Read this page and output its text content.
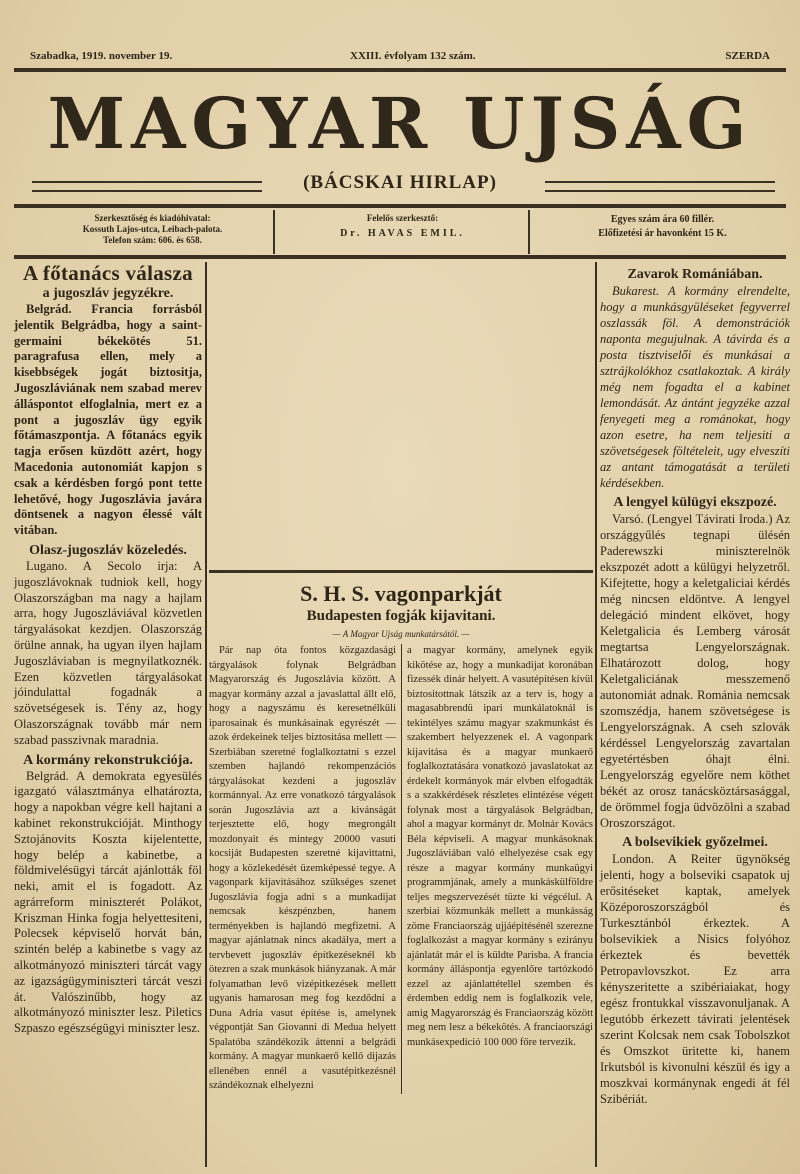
Szabadka, 1919. november 19.	XXIII. évfolyam 132 szám.	SZERDA
MAGYAR UJSÁG
(BÁCSKAI HIRLAP)
Szerkesztőség és kiadóhivatal:
Kossuth Lajos-utca, Leibach-palota.
Telefon szám: 606. és 658.
Felelős szerkesztő:
Dr. HAVAS EMIL.
Egyes szám ára 60 fillér.
Előfizetési ár havonként 15 K.
A főtanács válasza
a jugoszláv jegyzékre.

Belgrád. Francia forrásból jelentik Belgrádba, hogy a saint-germaini békekötés 51. paragrafusa ellen, mely a kisebbségek jogát biztositja, Jugoszláviának nem szabad merev álláspontot elfoglalnia, mert ez a pont a jugoszláv ügy egyik főtámaszpontja. A főtanács egyik tagja erősen küzdött azért, hogy Macedonia autonomiát kapjon s csak a kérdésben forgó pont tette lehetővé, hogy Jugoszlávia javára döntsenek a nagyon élessé vált vitában.

Olasz-jugoszláv közeledés.

Lugano. A Secolo irja: A jugoszlávoknak tudniok kell, hogy Olaszországban ma nagy a hajlam arra, hogy Jugoszláviával közvetlen tárgyalásokat kezdjen. Olaszország örülne annak, ha ugyan ilyen hajlam Jugoszláviaban is megnyilatkoznék. Ezen közvetlen tárgyalásokat jóindulattal fogadnák a szövetségesek is. Tény az, hogy Olaszországnak tovább már nem szabad passzivnak maradnia.

A kormány rekonstrukciója.

Belgrád. A demokrata egyesülés igazgató választmánya elhatározta, hogy a napokban végre kell hajtani a kabinet rekonstrukcióját. Minthogy Sztojánovits Koszta kijelentette, hogy belép a kabinetbe, a földmivelésügyi tárcát ajánlották föl neki, amit el is fogadott. Az agrárreform miniszterét Polákot, Kriszman Hinka fogja helyettesiteni, Polecsek képviselő horvát bán, szintén belép a kabinetbe s vagy az alkotmányozó miniszteri tárcát vagy az igazságügyminiszteri tárcát veszi át. Valószinűbb, hogy az alkotmányozó miniszter lesz. Piletics Szpaszo egészségügyi miniszter lesz.

S. H. S. vagonparkját
Budapesten fogják kijavitani.
— A Magyar Ujság munkatársától. —

Pár nap óta fontos közgazdasági tárgyalások folynak Belgrádban Magyarország és Jugoszlávia között. A magyar kormány azzal a javaslattal állt elő, hogy a nagyszámu és keresetnélküli iparosainak és munkásainak egyrészét — azok érdekeinek teljes biztositása mellett — Szerbiában szeretné foglalkoztatni s ezzel szemben hajlandó rekompenzációs tárgyalásokat kezdeni a jugoszláv kormánnyal. Az erre vonatkozó tárgyalások során Jugoszlávia azt a kivánságát terjesztette elő, hogy megrongált mozdonyait és mintegy 20000 vasuti kocsiját Budapesten szeretné kijavittatni, hogy a közlekedését üzemképessé tegye. A vagonpark kijavitásához szükséges szenet Jugoszlávia fogja adni s a munkadijat nemcsak készpénzben, hanem terményekben is hajlandó megfizetni. A magyar ajánlatnak nincs akadálya, mert a tervbevett jugoszláv építkezéseknél kb ötezren a szak munkások hiányzanak. A már folyamatban levő vizépitkezések mellett ugyanis hamarosan meg fog kezdődni a Duna Adria vasut építése is, amelynek végpontját San Giovanni di Medua helyett Spalatóba szándékozik áttenni a belgrádi kormány. A magyar munkaerő kellő dijazás ellenében ennél a vasutépitkezésnél szándékoznak elhelyezni

a magyar kormány, amelynek egyik kikötése az, hogy a munkadijat koronában fizessék dinár helyett. A vasutépítésen kívül biztositottnak látszik az a terv is, hogy a magasabbrendü ipari munkálatoknál is tekintélyes számu magyar szakmunkást és szakembert helyezzenek el. A vagonpark kijavitása és a magyar munkaerő foglalkoztatására vonatkozó javaslatokat az érdekelt kormányok már elvben elfogadták s a szakkérdések részletes elintézése végett folynak most a tárgyalások Belgrádban, ahol a magyar kormányt dr. Molnár Kovács Béla képviseli. A magyar munkásoknak Jugoszláviában való elhelyezése csak egy része a magyar kormány munkaügyi programmjának, amely a munkáskülföldre teljes megszervezését tüzte ki végcélul. A szerbiai közmunkák mellett a munkásság zöme Franciaország ujjáépitésénél szerezne foglalkozást a magyar kormány s ezirányu ajánlatát már el is küldte Parisba. A francia kormány álláspontja egyenlőre tartózkodó ezzel az ajánlattétellel szemben és érdemben eddig nem is foglalkozik vele, amig Magyarország és Franciaország között meg nem lesz a békekötés. A franciaországi munkásexpedició 100 000 főre tervezik.

Zavarok Romániában.

Bukarest. A kormány elrendelte, hogy a munkásgyüléseket fegyverrel oszlassák föl. A demonstrációk naponta megujulnak. A távirda és a posta tisztviselői és munkásai a sztrájkolókhoz csatlakoztak. A király még nem fogadta el a kabinet lemondását. Az ántánt jegyzéke azzal fenyegeti meg a románokat, hogy azon esetre, ha nem teljesiti a szövetségesek föltételeit, ugy elveszíti az antant támogatását a területi kérdésekben.

A lengyel külügyi ekszpozé.

Varsó. (Lengyel Távirati Iroda.) Az országgyűlés tegnapi ülésén Paderewszki miniszterelnök ekszpozét adott a külügyi helyzetről. Kifejtette, hogy a keletgaliciai kérdés még nincsen eldöntve. A lengyel delegáció mindent elkövet, hogy Keletgalicia és Lemberg városát megtartsa Lengyelországnak. Elhatározott dolog, hogy Keletgaliciának messzemenő autonomiát adnak. Románia nemcsak szomszédja, hanem szövetségese is Lengyelországnak. A cseh szlovák kérdéssel Lengyelország zavartalan egyetértésben óhajt élni. Lengyelország egyelőre nem köthet békét az orosz tanácsköztársasággal, de örömmel fogja üdvözölni a szabad Oroszországot.

A bolsevikiek győzelmei.

London. A Reiter ügynökség jelenti, hogy a bolseviki csapatok uj erősitéseket kaptak, amelyek Középoroszországból és Turkesztánból érkeztek. A bolsevikiek a Nisics folyóhoz érkeztek és bevették Petropavlovszkot. Ez arra kényszeritette a szibériaiakat, hogy egész frontukkal visszavonuljanak. A legutóbb érkezett távirati jelentések szerint Kolcsak nem csak Tobolszkot és Omszkot üritette ki, hanem Irkutsból is kivonulni készül és igy a moszkvai kormánynak engedi át fél Szibériát.
